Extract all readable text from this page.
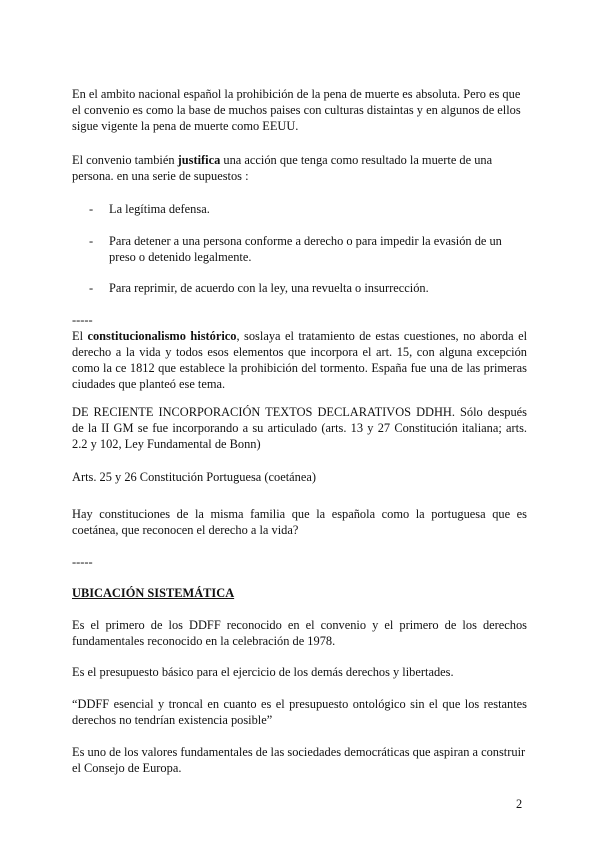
En el ambito nacional español la prohibición de la pena de muerte es absoluta. Pero es que el convenio es como la base de muchos paises con culturas distaintas y en algunos de ellos sigue vigente la pena de muerte como EEUU.

El convenio también justifica una acción que tenga como resultado la muerte de una persona. en una serie de supuestos :

- La legítima defensa.
- Para detener a una persona conforme a derecho o para impedir la evasión de un preso o detenido legalmente.
- Para reprimir, de acuerdo con la ley, una revuelta o insurrección.

-----

El constitucionalismo histórico, soslaya el tratamiento de estas cuestiones, no aborda el derecho a la vida y todos esos elementos que incorpora el art. 15, con alguna excepción como la ce 1812 que establece la prohibición del tormento. España fue una de las primeras ciudades que planteó ese tema.

DE RECIENTE INCORPORACIÓN TEXTOS DECLARATIVOS DDHH. Sólo después de la II GM se fue incorporando a su articulado (arts. 13 y 27 Constitución italiana; arts. 2.2 y 102, Ley Fundamental de Bonn)

Arts. 25 y 26 Constitución Portuguesa (coetánea)

Hay constituciones de la misma familia que la española como la portuguesa que es coetánea, que reconocen el derecho a la vida?

-----

UBICACIÓN SISTEMÁTICA

Es el primero de los DDFF reconocido en el convenio y el primero de los derechos fundamentales reconocido en la celebración de 1978.

Es el presupuesto básico para el ejercicio de los demás derechos y libertades.

“DDFF esencial y troncal en cuanto es el presupuesto ontológico sin el que los restantes derechos no tendrían existencia posible”

Es uno de los valores fundamentales de las sociedades democráticas que aspiran a construir el Consejo de Europa.

2
